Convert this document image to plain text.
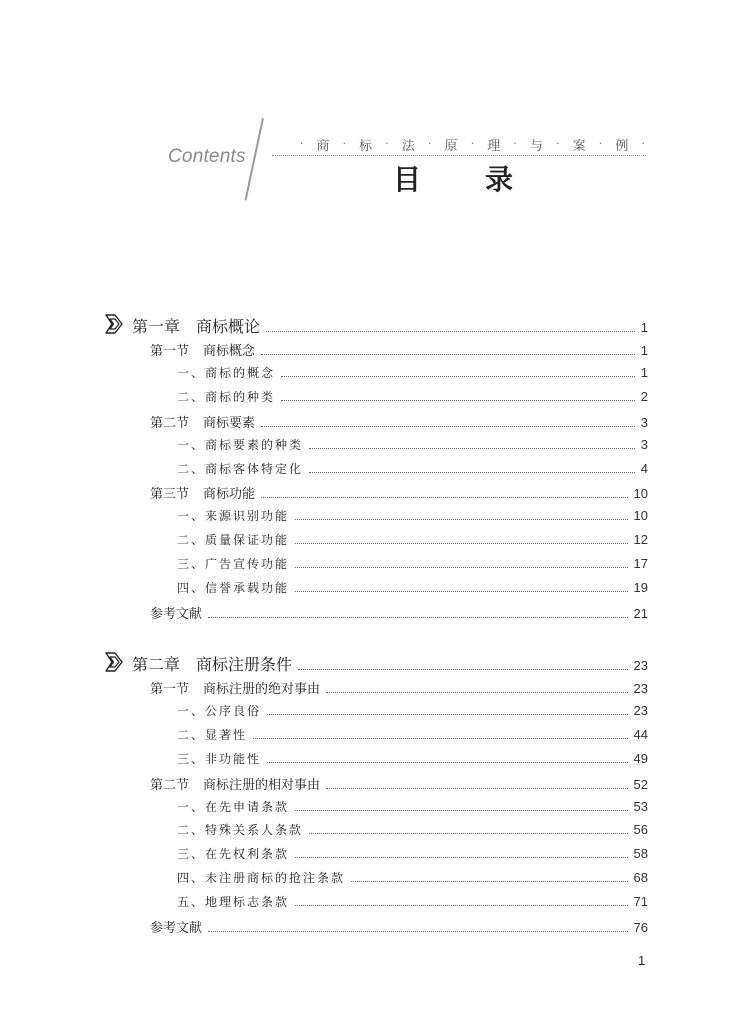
Contents
· 商 · 标 · 法 · 原 · 理 · 与 · 案 · 例 ·
目 录
第一章 商标概论	1
第一节 商标概念	1
一、商标的概念	1
二、商标的种类	2
第二节 商标要素	3
一、商标要素的种类	3
二、商标客体特定化	4
第三节 商标功能	10
一、来源识别功能	10
二、质量保证功能	12
三、广告宣传功能	17
四、信誉承载功能	19
参考文献	21
第二章 商标注册条件	23
第一节 商标注册的绝对事由	23
一、公序良俗	23
二、显著性	44
三、非功能性	49
第二节 商标注册的相对事由	52
一、在先申请条款	53
二、特殊关系人条款	56
三、在先权利条款	58
四、未注册商标的抢注条款	68
五、地理标志条款	71
参考文献	76
1
